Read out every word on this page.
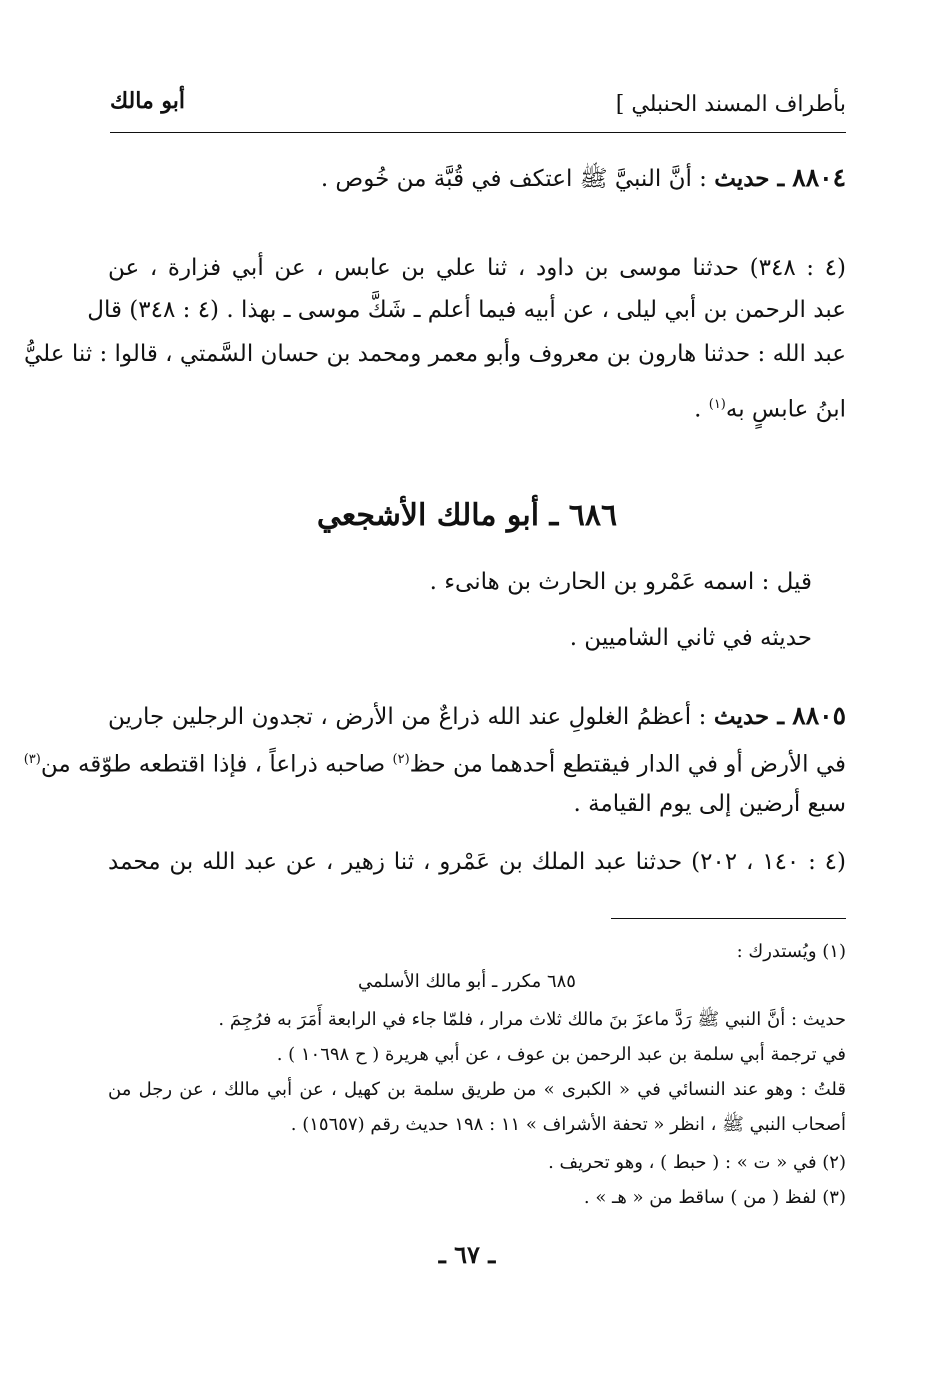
بأطراف المسند الحنبلي ]
أبو مالك
٨٨٠٤ ـ حديث : أنَّ النبيَّ ﷺ اعتكف في قُبَّة من خُوص .
(٤ : ٣٤٨) حدثنا موسى بن داود ، ثنا علي بن عابس ، عن أبي فزارة ، عن
عبد الرحمن بن أبي ليلى ، عن أبيه فيما أعلم ـ شَكَّ موسى ـ بهذا . (٤ : ٣٤٨) قال
عبد الله : حدثنا هارون بن معروف وأبو معمر ومحمد بن حسان السَّمتي ، قالوا : ثنا عليُّ
ابنُ عابسٍ به$^{(١)}$ .
٦٨٦ ـ أبو مالك الأشجعي
قيل : اسمه عَمْرو بن الحارث بن هانىء .
حديثه في ثاني الشاميين .
٨٨٠٥ ـ حديث : أعظمُ الغلولِ عند الله ذراعٌ من الأرض ، تجدون الرجلين جارين
في الأرض أو في الدار فيقتطع أحدهما من حظ$^{(٢)}$ صاحبه ذراعاً ، فإذا اقتطعه طوّقه من$^{(٣)}$
سبع أرضين إلى يوم القيامة .
(٤ : ١٤٠ ، ٢٠٢) حدثنا عبد الملك بن عَمْرو ، ثنا زهير ، عن عبد الله بن محمد
(١) ويُستدرك :
٦٨٥ مكرر ـ أبو مالك الأسلمي
حديث : أنَّ النبي ﷺ رَدَّ ماعزَ بنَ مالك ثلاث مرار ، فلمّا جاء في الرابعة أَمَرَ به فرُجِمَ .
في ترجمة أبي سلمة بن عبد الرحمن بن عوف ، عن أبي هريرة ( ح ١٠٦٩٨ ) .
قلتُ : وهو عند النسائي في « الكبرى » من طريق سلمة بن كهيل ، عن أبي مالك ، عن رجل من
أصحاب النبي ﷺ ، انظر « تحفة الأشراف » ١١ : ١٩٨ حديث رقم (١٥٦٥٧) .
(٢) في « ت » : ( حبط ) ، وهو تحريف .
(٣) لفظ ( من ) ساقط من « هـ » .
ـ ٦٧ ـ
